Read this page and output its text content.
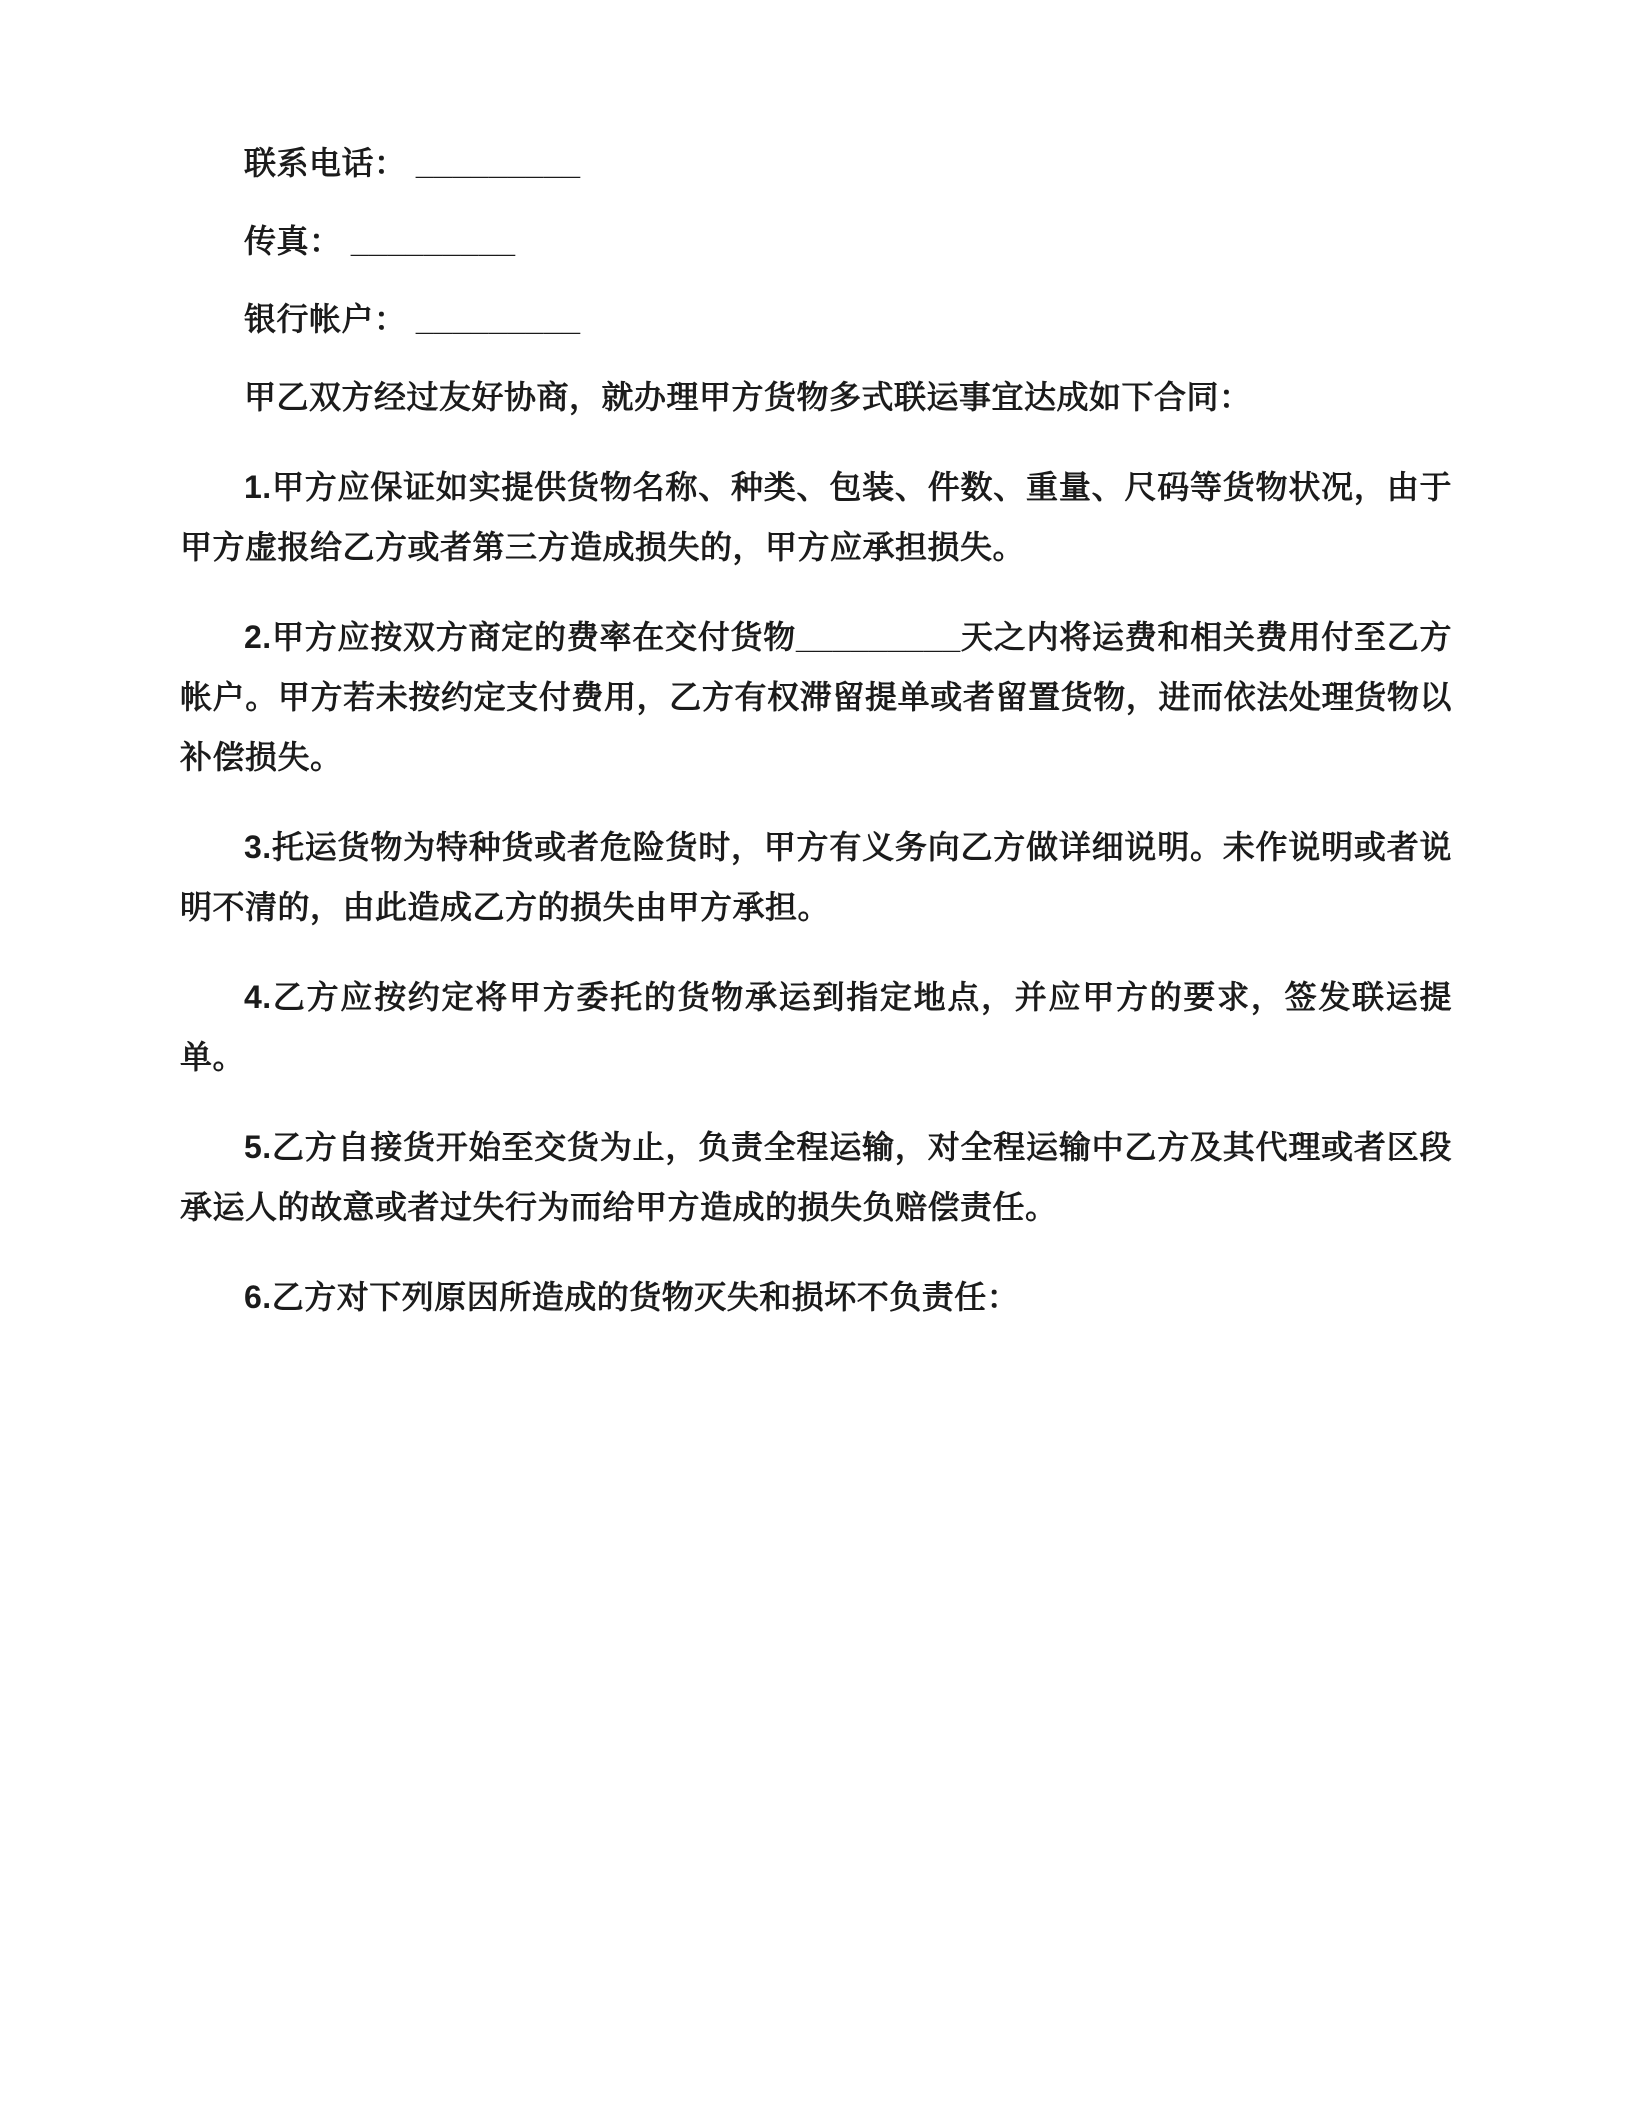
联系电话： _________

传真： _________

银行帐户： _________

甲乙双方经过友好协商，就办理甲方货物多式联运事宜达成如下合同：

1.甲方应保证如实提供货物名称、种类、包装、件数、重量、尺码等货物状况，由于甲方虚报给乙方或者第三方造成损失的，甲方应承担损失。

2.甲方应按双方商定的费率在交付货物_________天之内将运费和相关费用付至乙方帐户。甲方若未按约定支付费用，乙方有权滞留提单或者留置货物，进而依法处理货物以补偿损失。

3.托运货物为特种货或者危险货时，甲方有义务向乙方做详细说明。未作说明或者说明不清的，由此造成乙方的损失由甲方承担。

4.乙方应按约定将甲方委托的货物承运到指定地点，并应甲方的要求，签发联运提单。

5.乙方自接货开始至交货为止，负责全程运输，对全程运输中乙方及其代理或者区段承运人的故意或者过失行为而给甲方造成的损失负赔偿责任。

6.乙方对下列原因所造成的货物灭失和损坏不负责任：
